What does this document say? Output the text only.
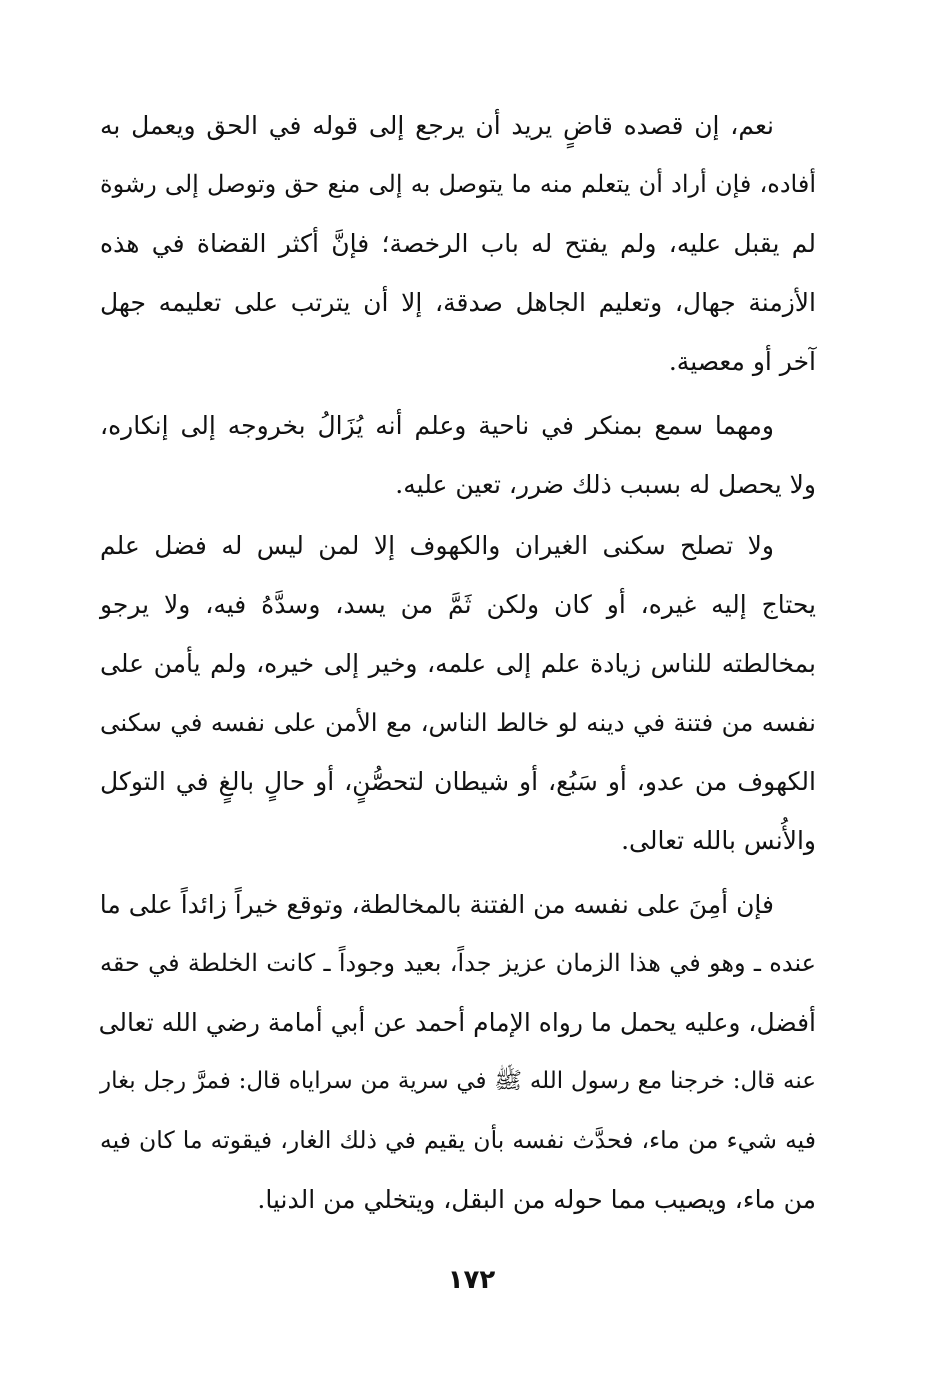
نعم، إن قصده قاضٍ يريد أن يرجع إلى قوله في الحق ويعمل به
أفاده، فإن أراد أن يتعلم منه ما يتوصل به إلى منع حق وتوصل إلى رشوة
لم يقبل عليه، ولم يفتح له باب الرخصة؛ فإنَّ أكثر القضاة في هذه
الأزمنة جهال، وتعليم الجاهل صدقة، إلا أن يترتب على تعليمه جهل
آخر أو معصية.
ومهما سمع بمنكر في ناحية وعلم أنه يُزَالُ بخروجه إلى إنكاره،
ولا يحصل له بسبب ذلك ضرر، تعين عليه.
ولا تصلح سكنى الغيران والكهوف إلا لمن ليس له فضل علم
يحتاج إليه غيره، أو كان ولكن ثَمَّ من يسد، وسدَّهُ فيه، ولا يرجو
بمخالطته للناس زيادة علم إلى علمه، وخير إلى خيره، ولم يأمن على
نفسه من فتنة في دينه لو خالط الناس، مع الأمن على نفسه في سكنى
الكهوف من عدو، أو سَبُع، أو شيطان لتحصُّنٍ، أو حالٍ بالغٍ في التوكل
والأُنس بالله تعالى.
فإن أمِنَ على نفسه من الفتنة بالمخالطة، وتوقع خيراً زائداً على ما
عنده ـ وهو في هذا الزمان عزيز جداً، بعيد وجوداً ـ كانت الخلطة في حقه
أفضل، وعليه يحمل ما رواه الإمام أحمد عن أبي أمامة رضي الله تعالى
عنه قال: خرجنا مع رسول الله ﷺ في سرية من سراياه قال: فمرَّ رجل بغار
فيه شيء من ماء، فحدَّث نفسه بأن يقيم في ذلك الغار، فيقوته ما كان فيه
من ماء، ويصيب مما حوله من البقل، ويتخلي من الدنيا.
١٧٢
